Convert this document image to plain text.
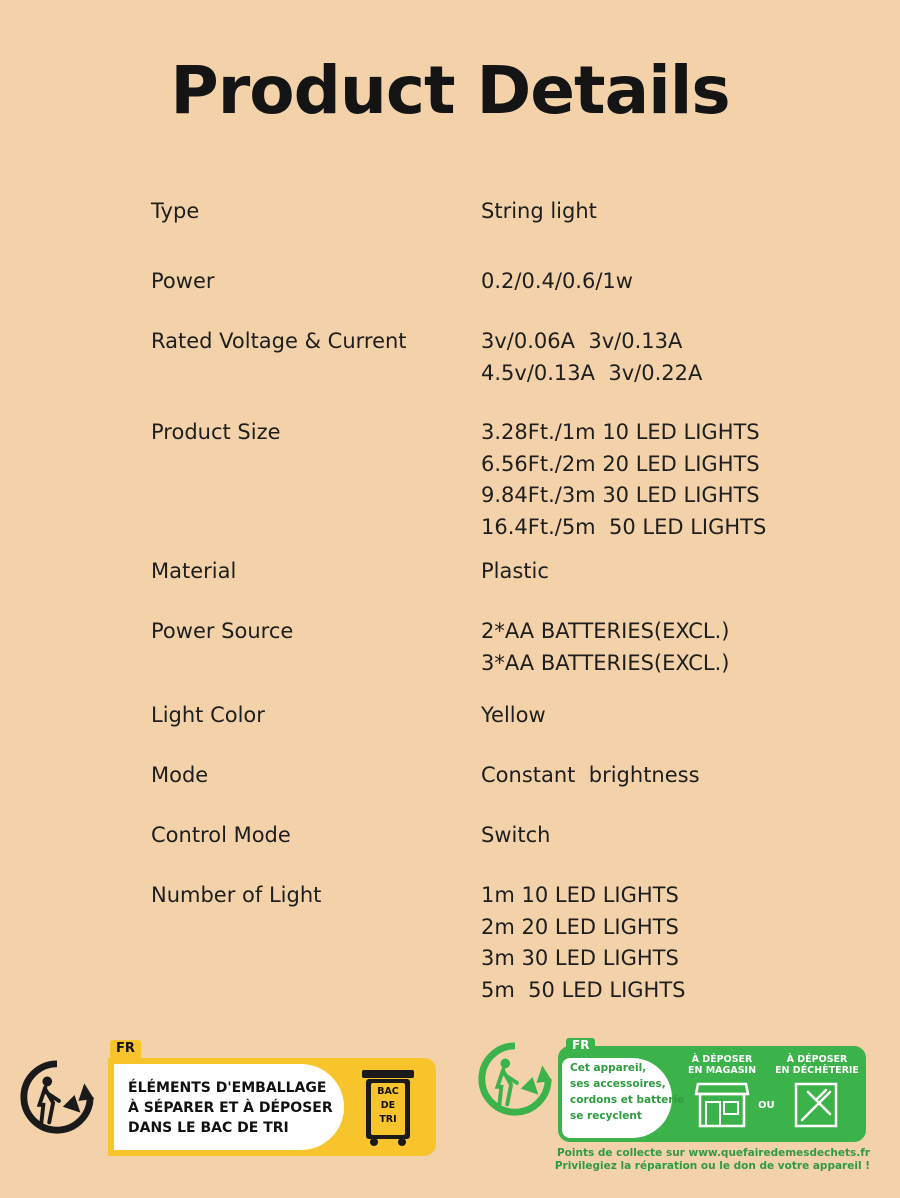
Product Details
Type	String light
Power	0.2/0.4/0.6/1w
Rated Voltage & Current	3v/0.06A  3v/0.13A
4.5v/0.13A  3v/0.22A
Product Size	3.28Ft./1m 10 LED LIGHTS
6.56Ft./2m 20 LED LIGHTS
9.84Ft./3m 30 LED LIGHTS
16.4Ft./5m  50 LED LIGHTS
Material	Plastic
Power Source	2*AA BATTERIES(EXCL.)
3*AA BATTERIES(EXCL.)
Light Color	Yellow
Mode	Constant  brightness
Control Mode	Switch
Number of Light	1m 10 LED LIGHTS
2m 20 LED LIGHTS
3m 30 LED LIGHTS
5m  50 LED LIGHTS
FR
ÉLÉMENTS D'EMBALLAGE
À SÉPARER ET À DÉPOSER
DANS LE BAC DE TRI
BAC
DE
TRI
FR
Cet appareil,
ses accessoires,
cordons et batterie
se recyclent
À DÉPOSER
EN MAGASIN
OU
À DÉPOSER
EN DÉCHÈTERIE
Points de collecte sur www.quefairedemesdechets.fr
Privilegiez la réparation ou le don de votre appareil !
